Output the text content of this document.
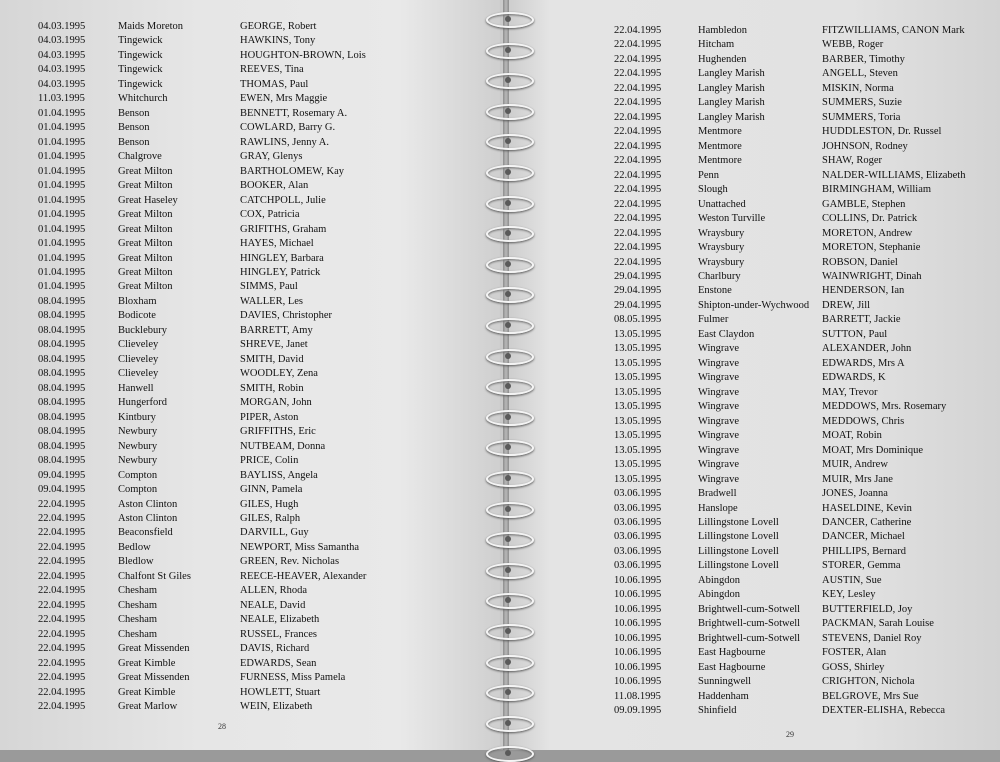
04.03.1995	Maids Moreton	GEORGE, Robert
04.03.1995	Tingewick	HAWKINS, Tony
04.03.1995	Tingewick	HOUGHTON-BROWN, Lois
04.03.1995	Tingewick	REEVES, Tina
04.03.1995	Tingewick	THOMAS, Paul
11.03.1995	Whitchurch	EWEN, Mrs Maggie
01.04.1995	Benson	BENNETT, Rosemary A.
01.04.1995	Benson	COWLARD, Barry G.
01.04.1995	Benson	RAWLINS, Jenny A.
01.04.1995	Chalgrove	GRAY, Glenys
01.04.1995	Great Milton	BARTHOLOMEW, Kay
01.04.1995	Great Milton	BOOKER, Alan
01.04.1995	Great Haseley	CATCHPOLL, Julie
01.04.1995	Great Milton	COX, Patricia
01.04.1995	Great Milton	GRIFITHS, Graham
01.04.1995	Great Milton	HAYES, Michael
01.04.1995	Great Milton	HINGLEY, Barbara
01.04.1995	Great Milton	HINGLEY, Patrick
01.04.1995	Great Milton	SIMMS, Paul
08.04.1995	Bloxham	WALLER, Les
08.04.1995	Bodicote	DAVIES, Christopher
08.04.1995	Bucklebury	BARRETT, Amy
08.04.1995	Clieveley	SHREVE, Janet
08.04.1995	Clieveley	SMITH, David
08.04.1995	Clieveley	WOODLEY, Zena
08.04.1995	Hanwell	SMITH, Robin
08.04.1995	Hungerford	MORGAN, John
08.04.1995	Kintbury	PIPER, Aston
08.04.1995	Newbury	GRIFFITHS, Eric
08.04.1995	Newbury	NUTBEAM, Donna
08.04.1995	Newbury	PRICE, Colin
09.04.1995	Compton	BAYLISS, Angela
09.04.1995	Compton	GINN, Pamela
22.04.1995	Aston Clinton	GILES, Hugh
22.04.1995	Aston Clinton	GILES, Ralph
22.04.1995	Beaconsfield	DARVILL, Guy
22.04.1995	Bedlow	NEWPORT, Miss Samantha
22.04.1995	Bledlow	GREEN, Rev. Nicholas
22.04.1995	Chalfont St Giles	REECE-HEAVER, Alexander
22.04.1995	Chesham	ALLEN, Rhoda
22.04.1995	Chesham	NEALE, David
22.04.1995	Chesham	NEALE, Elizabeth
22.04.1995	Chesham	RUSSEL, Frances
22.04.1995	Great Missenden	DAVIS, Richard
22.04.1995	Great Kimble	EDWARDS, Sean
22.04.1995	Great Missenden	FURNESS, Miss Pamela
22.04.1995	Great Kimble	HOWLETT, Stuart
22.04.1995	Great Marlow	WEIN, Elizabeth
28
22.04.1995	Hambledon	FITZWILLIAMS, CANON Mark
22.04.1995	Hitcham	WEBB, Roger
22.04.1995	Hughenden	BARBER, Timothy
22.04.1995	Langley Marish	ANGELL, Steven
22.04.1995	Langley Marish	MISKIN, Norma
22.04.1995	Langley Marish	SUMMERS, Suzie
22.04.1995	Langley Marish	SUMMERS, Toria
22.04.1995	Mentmore	HUDDLESTON, Dr. Russel
22.04.1995	Mentmore	JOHNSON, Rodney
22.04.1995	Mentmore	SHAW, Roger
22.04.1995	Penn	NALDER-WILLIAMS, Elizabeth
22.04.1995	Slough	BIRMINGHAM, William
22.04.1995	Unattached	GAMBLE, Stephen
22.04.1995	Weston Turville	COLLINS, Dr. Patrick
22.04.1995	Wraysbury	MORETON, Andrew
22.04.1995	Wraysbury	MORETON, Stephanie
22.04.1995	Wraysbury	ROBSON, Daniel
29.04.1995	Charlbury	WAINWRIGHT, Dinah
29.04.1995	Enstone	HENDERSON, Ian
29.04.1995	Shipton-under-Wychwood DREW, Jill
08.05.1995	Fulmer	BARRETT, Jackie
13.05.1995	East Claydon	SUTTON, Paul
13.05.1995	Wingrave	ALEXANDER, John
13.05.1995	Wingrave	EDWARDS, Mrs A
13.05.1995	Wingrave	EDWARDS, K
13.05.1995	Wingrave	MAY, Trevor
13.05.1995	Wingrave	MEDDOWS, Mrs. Rosemary
13.05.1995	Wingrave	MEDDOWS, Chris
13.05.1995	Wingrave	MOAT, Robin
13.05.1995	Wingrave	MOAT, Mrs Dominique
13.05.1995	Wingrave	MUIR, Andrew
13.05.1995	Wingrave	MUIR, Mrs Jane
03.06.1995	Bradwell	JONES, Joanna
03.06.1995	Hanslope	HASELDINE, Kevin
03.06.1995	Lillingstone Lovell	DANCER, Catherine
03.06.1995	Lillingstone Lovell	DANCER, Michael
03.06.1995	Lillingstone Lovell	PHILLIPS, Bernard
03.06.1995	Lillingstone Lovell	STORER, Gemma
10.06.1995	Abingdon	AUSTIN, Sue
10.06.1995	Abingdon	KEY, Lesley
10.06.1995	Brightwell-cum-Sotwell BUTTERFIELD, Joy
10.06.1995	Brightwell-cum-Sotwell PACKMAN, Sarah Louise
10.06.1995	Brightwell-cum-Sotwell STEVENS, Daniel Roy
10.06.1995	East Hagbourne	FOSTER, Alan
10.06.1995	East Hagbourne	GOSS, Shirley
10.06.1995	Sunningwell	CRIGHTON, Nichola
11.08.1995	Haddenham	BELGROVE, Mrs Sue
09.09.1995	Shinfield	DEXTER-ELISHA, Rebecca
29
